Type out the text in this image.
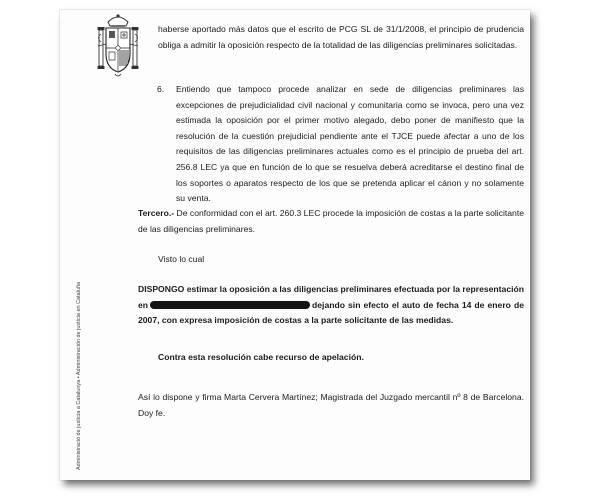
Administració de justícia a Catalunya • Administración de justicia en Cataluña

haberse aportado más datos que el escrito de PCG SL de 31/1/2008, el principio de prudencia obliga a admitir la oposición respecto de la totalidad de las diligencias preliminares solicitadas.

6. Entiendo que tampoco procede analizar en sede de diligencias preliminares las excepciones de prejudicialidad civil nacional y comunitaria como se invoca, pero una vez estimada la oposición por el primer motivo alegado, debo poner de manifiesto que la resolución de la cuestión prejudicial pendiente ante el TJCE puede afectar a uno de los requisitos de las diligencias preliminares actuales como es el principio de prueba del art. 256.8 LEC ya que en función de lo que se resuelva deberá acreditarse el destino final de los soportes o aparatos respecto de los que se pretenda aplicar el cánon y no solamente su venta.

Tercero.- De conformidad con el art. 260.3 LEC procede la imposición de costas a la parte solicitante de las diligencias preliminares.

Visto lo cual

DISPONGO estimar la oposición a las diligencias preliminares efectuada por la representación en	dejando sin efecto el auto de fecha 14 de enero de 2007, con expresa imposición de costas a la parte solicitante de las medidas.

Contra esta resolución cabe recurso de apelación.

Así lo dispone y firma Marta Cervera Martínez; Magistrada del Juzgado mercantil nº 8 de Barcelona. Doy fe.
